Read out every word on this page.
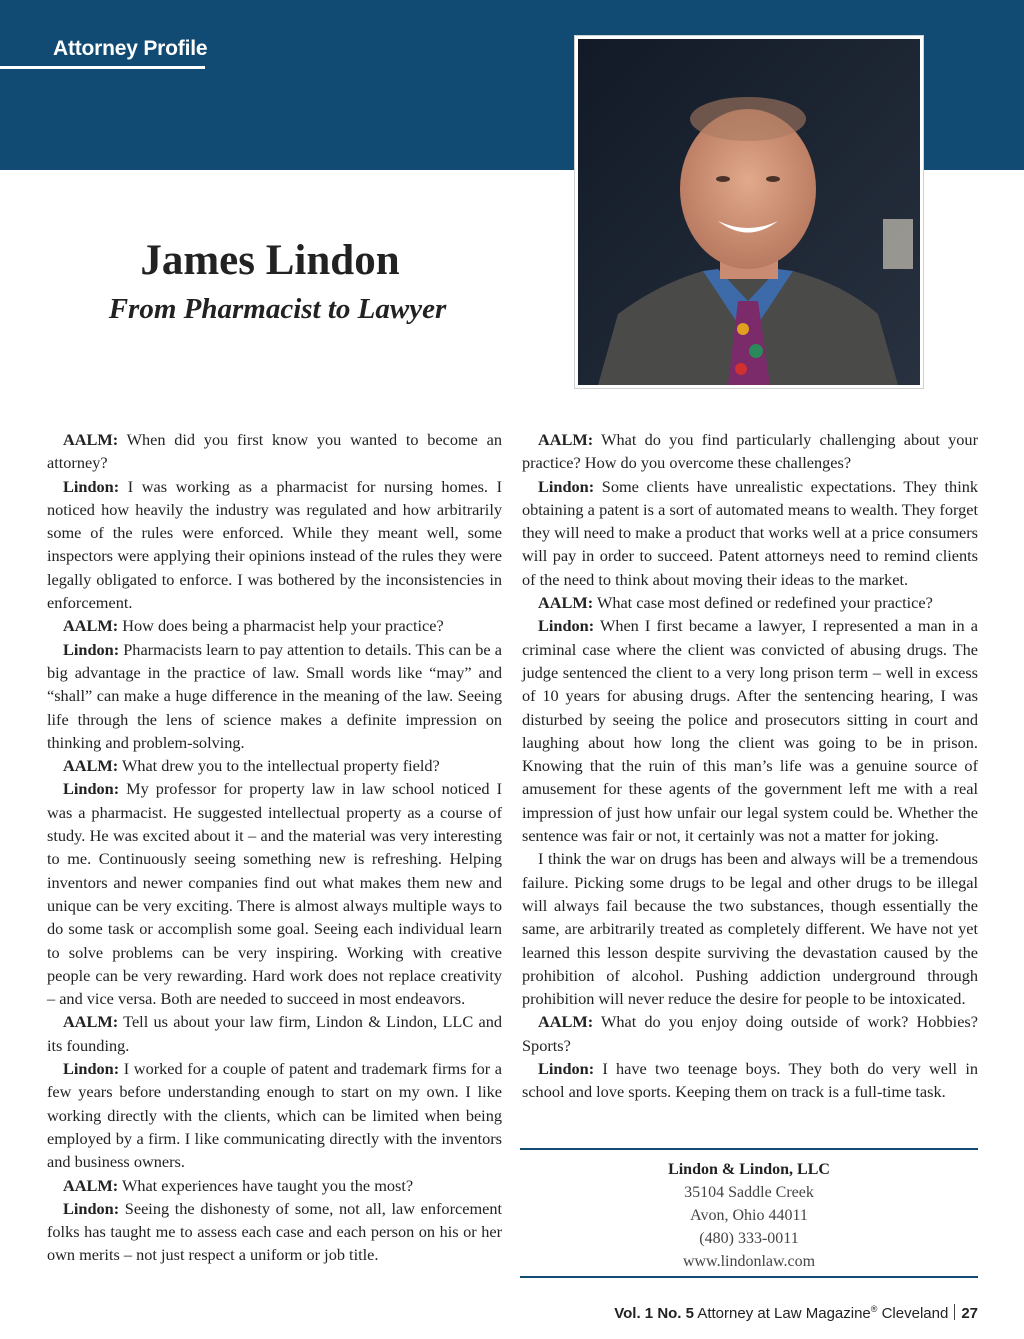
Attorney Profile
James Lindon
From Pharmacist to Lawyer

AALM: When did you first know you wanted to become an attorney?

Lindon: I was working as a pharmacist for nursing homes. I noticed how heavily the industry was regulated and how arbitrarily some of the rules were enforced. While they meant well, some inspectors were applying their opinions instead of the rules they were legally obligated to enforce. I was bothered by the inconsistencies in enforcement.

AALM: How does being a pharmacist help your practice?

Lindon: Pharmacists learn to pay attention to details. This can be a big advantage in the practice of law. Small words like “may” and “shall” can make a huge difference in the meaning of the law. Seeing life through the lens of science makes a definite impression on thinking and problem-solving.

AALM: What drew you to the intellectual property field?

Lindon: My professor for property law in law school noticed I was a pharmacist. He suggested intellectual property as a course of study. He was excited about it – and the material was very interesting to me. Continuously seeing something new is refreshing. Helping inventors and newer companies find out what makes them new and unique can be very exciting. There is almost always multiple ways to do some task or accomplish some goal. Seeing each individual learn to solve problems can be very inspiring. Working with creative people can be very rewarding. Hard work does not replace creativity – and vice versa. Both are needed to succeed in most endeavors.

AALM: Tell us about your law firm, Lindon & Lindon, LLC and its founding.

Lindon: I worked for a couple of patent and trademark firms for a few years before understanding enough to start on my own. I like working directly with the clients, which can be limited when being employed by a firm. I like communicating directly with the inventors and business owners.

AALM: What experiences have taught you the most?

Lindon: Seeing the dishonesty of some, not all, law enforcement folks has taught me to assess each case and each person on his or her own merits – not just respect a uniform or job title.

AALM: What do you find particularly challenging about your practice? How do you overcome these challenges?

Lindon: Some clients have unrealistic expectations. They think obtaining a patent is a sort of automated means to wealth. They forget they will need to make a product that works well at a price consumers will pay in order to succeed. Patent attorneys need to remind clients of the need to think about moving their ideas to the market.

AALM: What case most defined or redefined your practice?

Lindon: When I first became a lawyer, I represented a man in a criminal case where the client was convicted of abusing drugs. The judge sentenced the client to a very long prison term – well in excess of 10 years for abusing drugs. After the sentencing hearing, I was disturbed by seeing the police and prosecutors sitting in court and laughing about how long the client was going to be in prison. Knowing that the ruin of this man’s life was a genuine source of amusement for these agents of the government left me with a real impression of just how unfair our legal system could be. Whether the sentence was fair or not, it certainly was not a matter for joking.

I think the war on drugs has been and always will be a tremendous failure. Picking some drugs to be legal and other drugs to be illegal will always fail because the two substances, though essentially the same, are arbitrarily treated as completely different. We have not yet learned this lesson despite surviving the devastation caused by the prohibition of alcohol. Pushing addiction underground through prohibition will never reduce the desire for people to be intoxicated.

AALM: What do you enjoy doing outside of work? Hobbies? Sports?

Lindon: I have two teenage boys. They both do very well in school and love sports. Keeping them on track is a full-time task.

Lindon & Lindon, LLC
35104 Saddle Creek
Avon, Ohio 44011
(480) 333-0011
www.lindonlaw.com
Vol. 1 No. 5 Attorney at Law Magazine® Cleveland 27
